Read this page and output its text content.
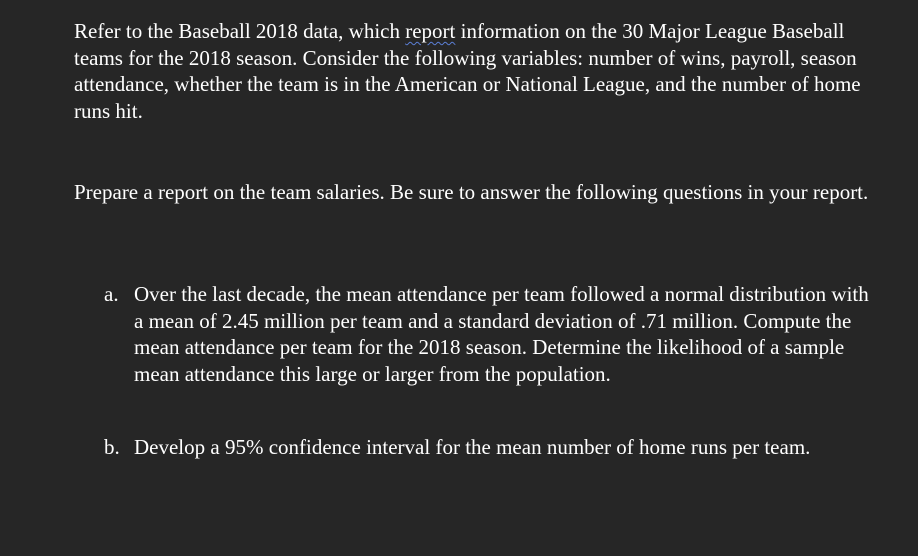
Refer to the Baseball 2018 data, which report information on the 30 Major League Baseball teams for the 2018 season. Consider the following variables: number of wins, payroll, season attendance, whether the team is in the American or National League, and the number of home runs hit.

Prepare a report on the team salaries. Be sure to answer the following questions in your report.

a. Over the last decade, the mean attendance per team followed a normal distribution with a mean of 2.45 million per team and a standard deviation of .71 million. Compute the mean attendance per team for the 2018 season. Determine the likelihood of a sample mean attendance this large or larger from the population.
b. Develop a 95% confidence interval for the mean number of home runs per team.
